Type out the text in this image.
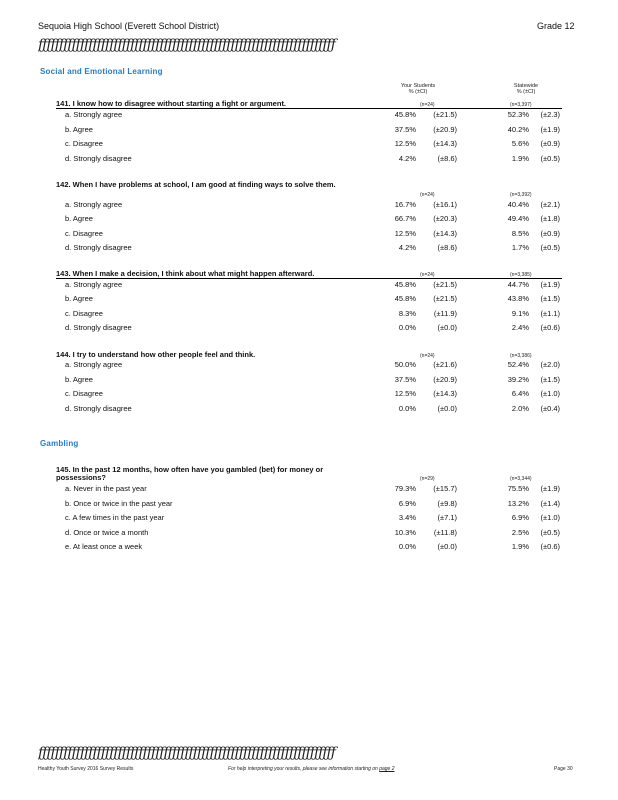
Sequoia High School (Everett School District)	Grade 12
ƒƒƒƒƒƒƒƒƒƒƒƒƒƒƒƒƒƒƒƒƒƒƒƒƒƒƒƒƒƒƒƒƒƒƒƒƒƒƒƒƒƒƒƒƒƒƒƒƒƒƒƒƒƒƒƒƒƒƒƒƒƒƒƒƒƒƒƒƒƒƒ
Social and Emotional Learning
Your Students
% (±CI)
Statewide
% (±CI)
141. I know how to disagree without starting a fight or argument.	(n=24)	(n=3,397)
a. Strongly agree	45.8% (±21.5)	52.3% (±2.3)
b. Agree	37.5% (±20.9)	40.2% (±1.9)
c. Disagree	12.5% (±14.3)	5.6% (±0.9)
d. Strongly disagree	4.2%	(±8.6)	1.9% (±0.5)
142. When I have problems at school, I am good at finding ways to solve them.
(n=24)	(n=3,392)
a. Strongly agree	16.7% (±16.1)	40.4% (±2.1)
b. Agree	66.7% (±20.3)	49.4% (±1.8)
c. Disagree	12.5% (±14.3)	8.5% (±0.9)
d. Strongly disagree	4.2%	(±8.6)	1.7% (±0.5)
143. When I make a decision, I think about what might happen afterward.	(n=24)	(n=3,385)
a. Strongly agree	45.8% (±21.5)	44.7% (±1.9)
b. Agree	45.8% (±21.5)	43.8% (±1.5)
c. Disagree	8.3% (±11.9)	9.1% (±1.1)
d. Strongly disagree	0.0%	(±0.0)	2.4% (±0.6)
144. I try to understand how other people feel and think.	(n=24)	(n=3,386)
a. Strongly agree	50.0% (±21.6)	52.4% (±2.0)
b. Agree	37.5% (±20.9)	39.2% (±1.5)
c. Disagree	12.5% (±14.3)	6.4% (±1.0)
d. Strongly disagree	0.0%	(±0.0)	2.0% (±0.4)
Gambling
145. In the past 12 months, how often have you gambled (bet) for money or possessions?	(n=29)	(n=3,344)
a. Never in the past year	79.3% (±15.7)	75.5% (±1.9)
b. Once or twice in the past year	6.9%	(±9.8)	13.2% (±1.4)
c. A few times in the past year	3.4%	(±7.1)	6.9% (±1.0)
d. Once or twice a month	10.3% (±11.8)	2.5% (±0.5)
e. At least once a week	0.0%	(±0.0)	1.9% (±0.6)
ƒƒƒƒƒƒƒƒƒƒƒƒƒƒƒƒƒƒƒƒƒƒƒƒƒƒƒƒƒƒƒƒƒƒƒƒƒƒƒƒƒƒƒƒƒƒƒƒƒƒƒƒƒƒƒƒƒƒƒƒƒƒƒƒƒƒƒƒƒƒƒ
Healthy Youth Survey 2016 Survey Results	For help interpreting your results, please see information starting on page 2	Page 30
